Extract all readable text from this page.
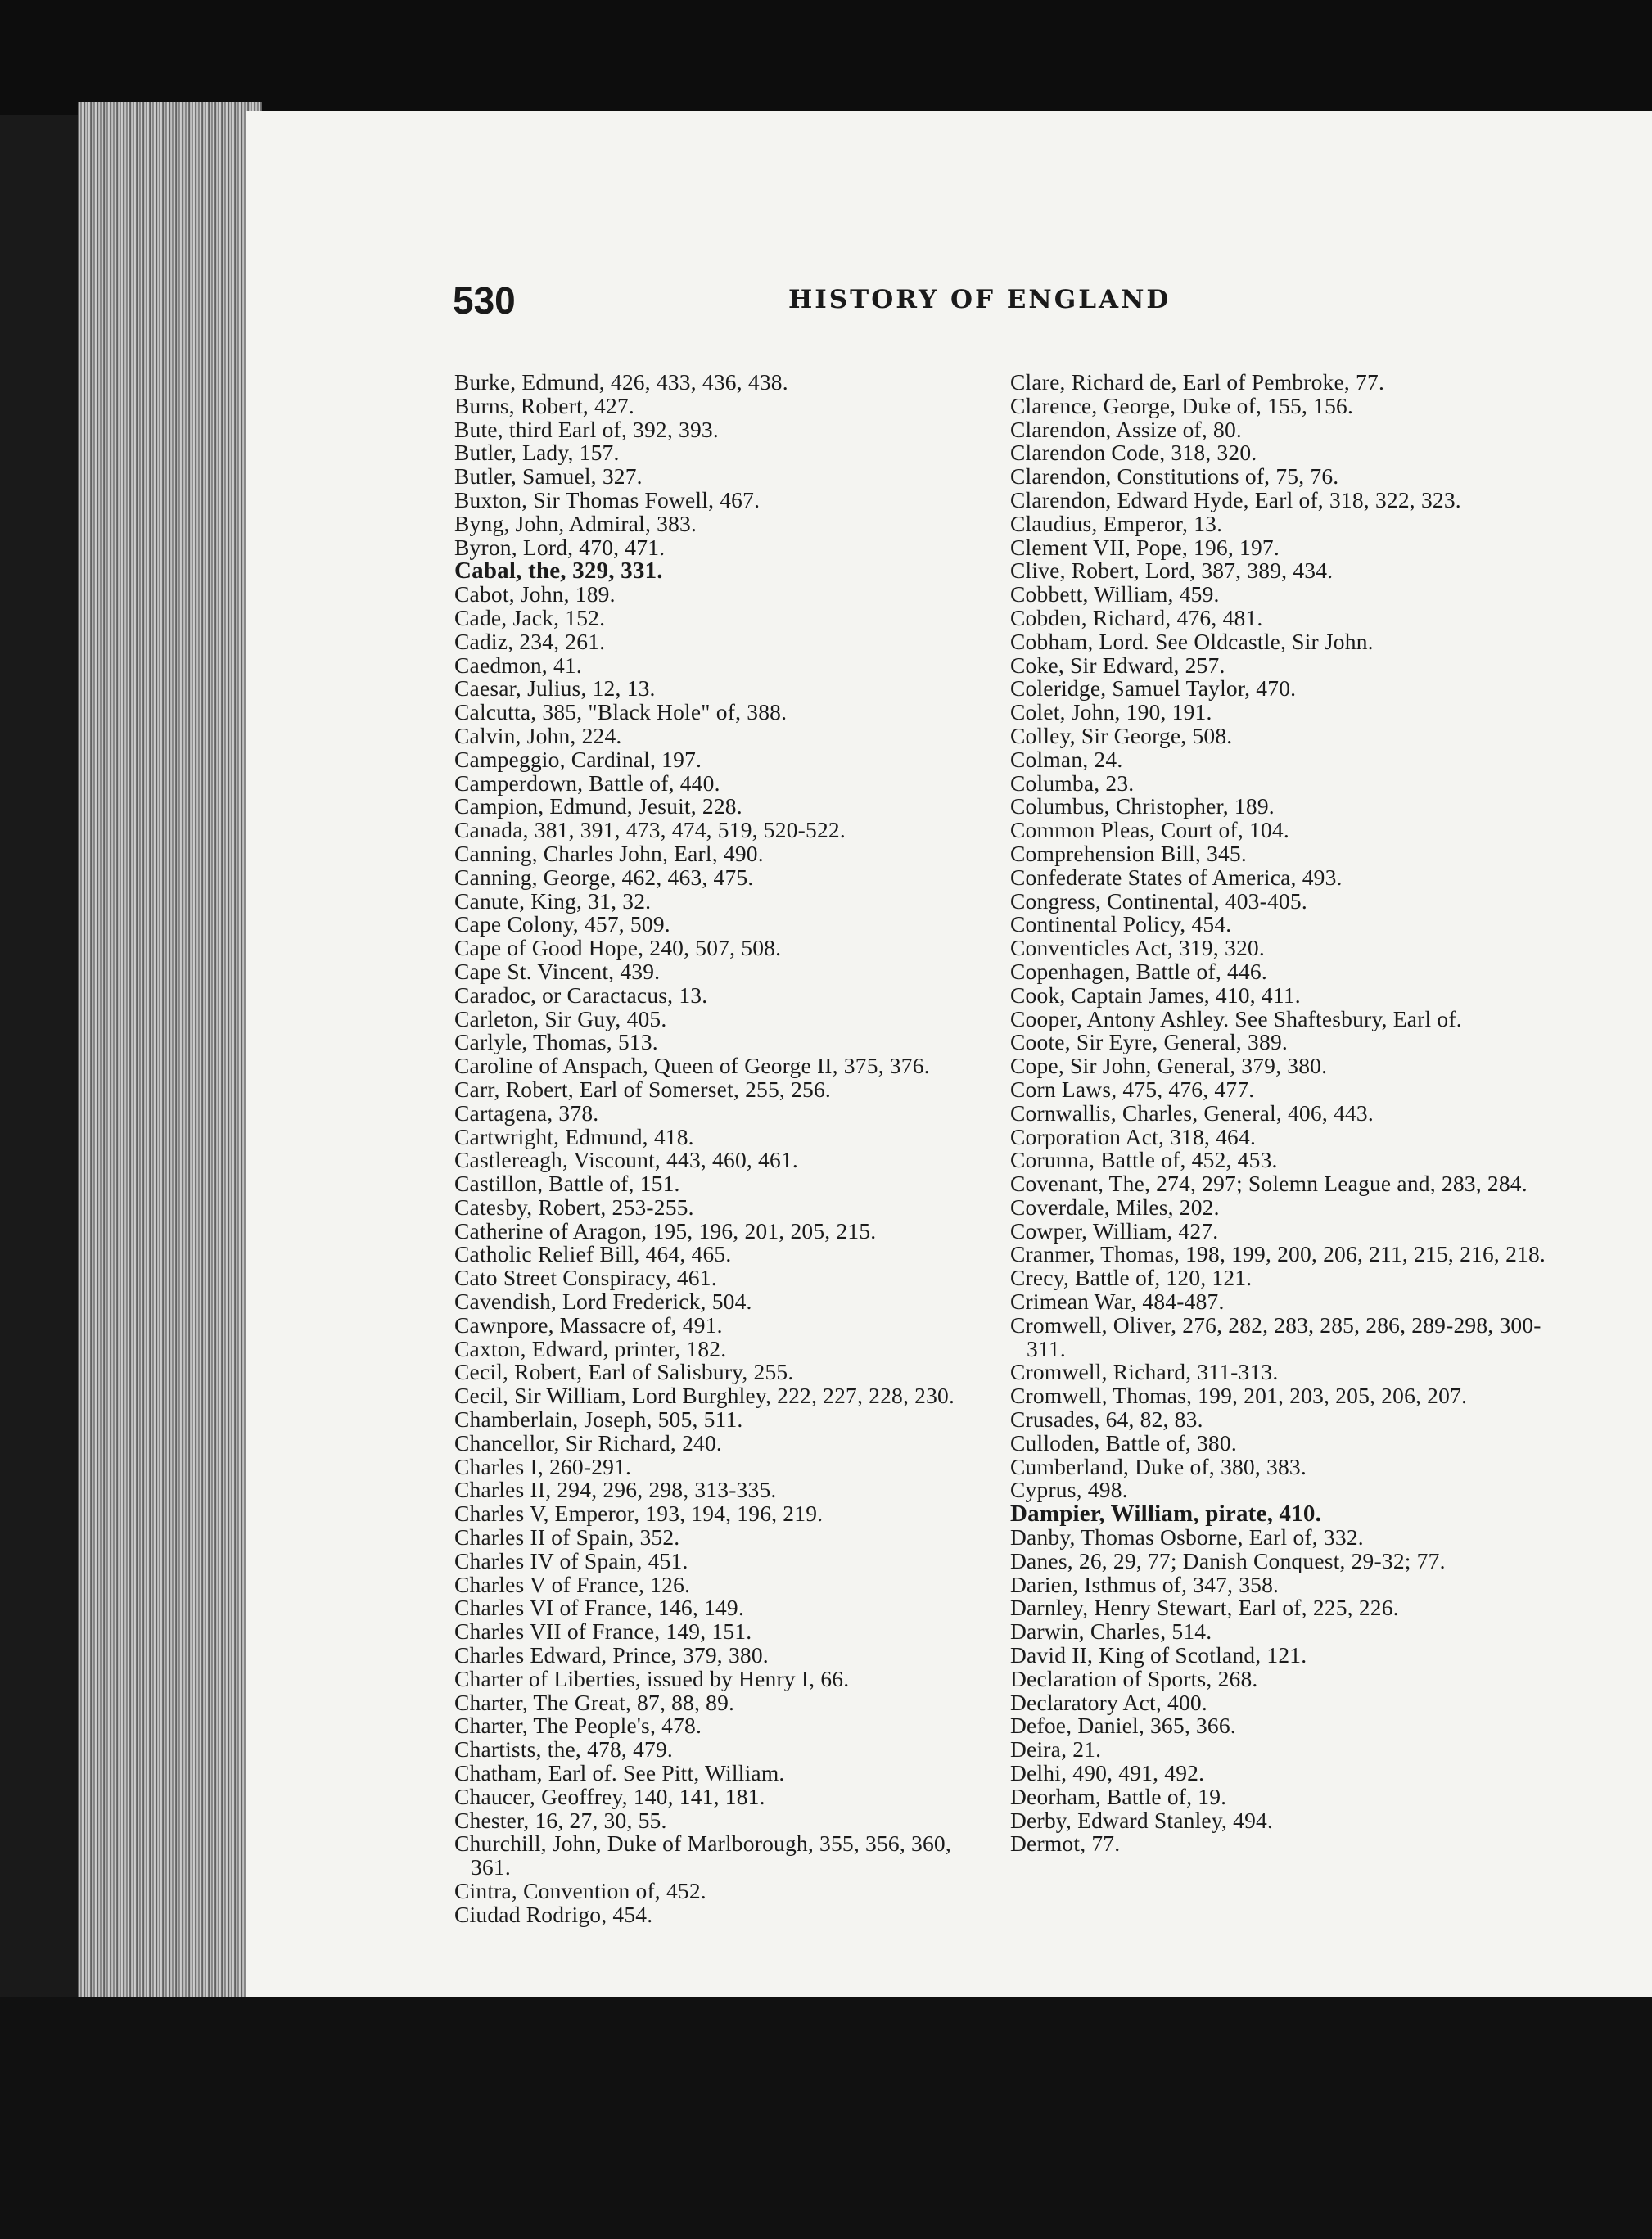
530	HISTORY OF ENGLAND
Burke, Edmund, 426, 433, 436, 438.
Burns, Robert, 427.
Bute, third Earl of, 392, 393.
Butler, Lady, 157.
Butler, Samuel, 327.
Buxton, Sir Thomas Fowell, 467.
Byng, John, Admiral, 383.
Byron, Lord, 470, 471.
Cabal, the, 329, 331.
Cabot, John, 189.
Cade, Jack, 152.
Cadiz, 234, 261.
Caedmon, 41.
Caesar, Julius, 12, 13.
Calcutta, 385, "Black Hole" of, 388.
Calvin, John, 224.
Campeggio, Cardinal, 197.
Camperdown, Battle of, 440.
Campion, Edmund, Jesuit, 228.
Canada, 381, 391, 473, 474, 519, 520-522.
Canning, Charles John, Earl, 490.
Canning, George, 462, 463, 475.
Canute, King, 31, 32.
Cape Colony, 457, 509.
Cape of Good Hope, 240, 507, 508.
Cape St. Vincent, 439.
Caradoc, or Caractacus, 13.
Carleton, Sir Guy, 405.
Carlyle, Thomas, 513.
Caroline of Anspach, Queen of George II, 375, 376.
Carr, Robert, Earl of Somerset, 255, 256.
Cartagena, 378.
Cartwright, Edmund, 418.
Castlereagh, Viscount, 443, 460, 461.
Castillon, Battle of, 151.
Catesby, Robert, 253-255.
Catherine of Aragon, 195, 196, 201, 205, 215.
Catholic Relief Bill, 464, 465.
Cato Street Conspiracy, 461.
Cavendish, Lord Frederick, 504.
Cawnpore, Massacre of, 491.
Caxton, Edward, printer, 182.
Cecil, Robert, Earl of Salisbury, 255.
Cecil, Sir William, Lord Burghley, 222, 227, 228, 230.
Chamberlain, Joseph, 505, 511.
Chancellor, Sir Richard, 240.
Charles I, 260-291.
Charles II, 294, 296, 298, 313-335.
Charles V, Emperor, 193, 194, 196, 219.
Charles II of Spain, 352.
Charles IV of Spain, 451.
Charles V of France, 126.
Charles VI of France, 146, 149.
Charles VII of France, 149, 151.
Charles Edward, Prince, 379, 380.
Charter of Liberties, issued by Henry I, 66.
Charter, The Great, 87, 88, 89.
Charter, The People's, 478.
Chartists, the, 478, 479.
Chatham, Earl of. See Pitt, William.
Chaucer, Geoffrey, 140, 141, 181.
Chester, 16, 27, 30, 55.
Churchill, John, Duke of Marlborough, 355, 356, 360, 361.
Cintra, Convention of, 452.
Ciudad Rodrigo, 454.
Clare, Richard de, Earl of Pembroke, 77.
Clarence, George, Duke of, 155, 156.
Clarendon, Assize of, 80.
Clarendon Code, 318, 320.
Clarendon, Constitutions of, 75, 76.
Clarendon, Edward Hyde, Earl of, 318, 322, 323.
Claudius, Emperor, 13.
Clement VII, Pope, 196, 197.
Clive, Robert, Lord, 387, 389, 434.
Cobbett, William, 459.
Cobden, Richard, 476, 481.
Cobham, Lord. See Oldcastle, Sir John.
Coke, Sir Edward, 257.
Coleridge, Samuel Taylor, 470.
Colet, John, 190, 191.
Colley, Sir George, 508.
Colman, 24.
Columba, 23.
Columbus, Christopher, 189.
Common Pleas, Court of, 104.
Comprehension Bill, 345.
Confederate States of America, 493.
Congress, Continental, 403-405.
Continental Policy, 454.
Conventicles Act, 319, 320.
Copenhagen, Battle of, 446.
Cook, Captain James, 410, 411.
Cooper, Antony Ashley. See Shaftesbury, Earl of.
Coote, Sir Eyre, General, 389.
Cope, Sir John, General, 379, 380.
Corn Laws, 475, 476, 477.
Cornwallis, Charles, General, 406, 443.
Corporation Act, 318, 464.
Corunna, Battle of, 452, 453.
Covenant, The, 274, 297; Solemn League and, 283, 284.
Coverdale, Miles, 202.
Cowper, William, 427.
Cranmer, Thomas, 198, 199, 200, 206, 211, 215, 216, 218.
Crecy, Battle of, 120, 121.
Crimean War, 484-487.
Cromwell, Oliver, 276, 282, 283, 285, 286, 289-298, 300-311.
Cromwell, Richard, 311-313.
Cromwell, Thomas, 199, 201, 203, 205, 206, 207.
Crusades, 64, 82, 83.
Culloden, Battle of, 380.
Cumberland, Duke of, 380, 383.
Cyprus, 498.
Dampier, William, pirate, 410.
Danby, Thomas Osborne, Earl of, 332.
Danes, 26, 29, 77; Danish Conquest, 29-32; 77.
Darien, Isthmus of, 347, 358.
Darnley, Henry Stewart, Earl of, 225, 226.
Darwin, Charles, 514.
David II, King of Scotland, 121.
Declaration of Sports, 268.
Declaratory Act, 400.
Defoe, Daniel, 365, 366.
Deira, 21.
Delhi, 490, 491, 492.
Deorham, Battle of, 19.
Derby, Edward Stanley, 494.
Dermot, 77.
